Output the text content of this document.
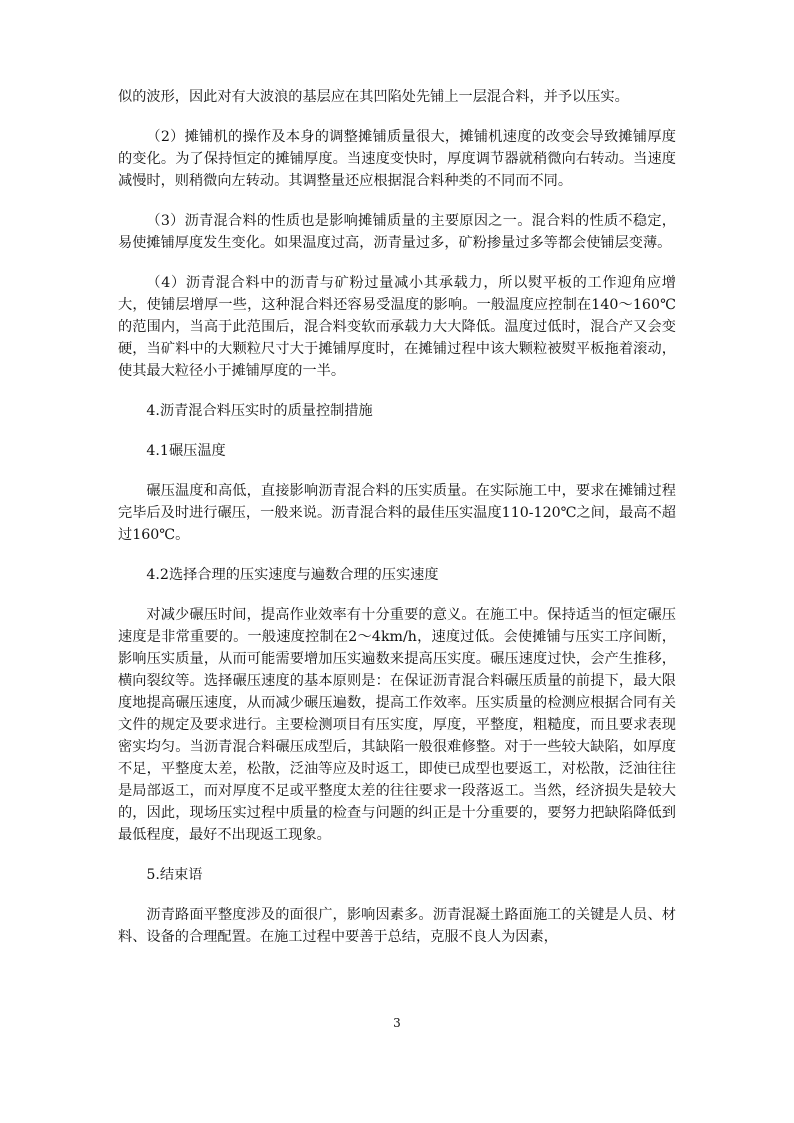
似的波形，因此对有大波浪的基层应在其凹陷处先铺上一层混合料，并予以压实。

（2）摊铺机的操作及本身的调整摊铺质量很大，摊铺机速度的改变会导致摊铺厚度的变化。为了保持恒定的摊铺厚度。当速度变快时，厚度调节器就稍微向右转动。当速度减慢时，则稍微向左转动。其调整量还应根据混合料种类的不同而不同。

（3）沥青混合料的性质也是影响摊铺质量的主要原因之一。混合料的性质不稳定，易使摊铺厚度发生变化。如果温度过高，沥青量过多，矿粉掺量过多等都会使铺层变薄。

（4）沥青混合料中的沥青与矿粉过量减小其承载力，所以熨平板的工作迎角应增大，使铺层增厚一些，这种混合料还容易受温度的影响。一般温度应控制在140～160℃的范围内，当高于此范围后，混合料变软而承载力大大降低。温度过低时，混合产又会变硬，当矿料中的大颗粒尺寸大于摊铺厚度时，在摊铺过程中该大颗粒被熨平板拖着滚动，使其最大粒径小于摊铺厚度的一半。

4.沥青混合料压实时的质量控制措施

4.1碾压温度

碾压温度和高低，直接影响沥青混合料的压实质量。在实际施工中，要求在摊铺过程完毕后及时进行碾压，一般来说。沥青混合料的最佳压实温度110-120℃之间，最高不超过160℃。

4.2选择合理的压实速度与遍数合理的压实速度

对减少碾压时间，提高作业效率有十分重要的意义。在施工中。保持适当的恒定碾压速度是非常重要的。一般速度控制在2～4km/h，速度过低。会使摊铺与压实工序间断，影响压实质量，从而可能需要增加压实遍数来提高压实度。碾压速度过快，会产生推移，横向裂纹等。选择碾压速度的基本原则是：在保证沥青混合料碾压质量的前提下，最大限度地提高碾压速度，从而减少碾压遍数，提高工作效率。压实质量的检测应根据合同有关文件的规定及要求进行。主要检测项目有压实度，厚度，平整度，粗糙度，而且要求表现密实均匀。当沥青混合料碾压成型后，其缺陷一般很难修整。对于一些较大缺陷，如厚度不足，平整度太差，松散，泛油等应及时返工，即使已成型也要返工，对松散，泛油往往是局部返工，而对厚度不足或平整度太差的往往要求一段落返工。当然，经济损失是较大的，因此，现场压实过程中质量的检查与问题的纠正是十分重要的，要努力把缺陷降低到最低程度，最好不出现返工现象。

5.结束语

沥青路面平整度涉及的面很广，影响因素多。沥青混凝土路面施工的关键是人员、材料、设备的合理配置。在施工过程中要善于总结，克服不良人为因素，

3
